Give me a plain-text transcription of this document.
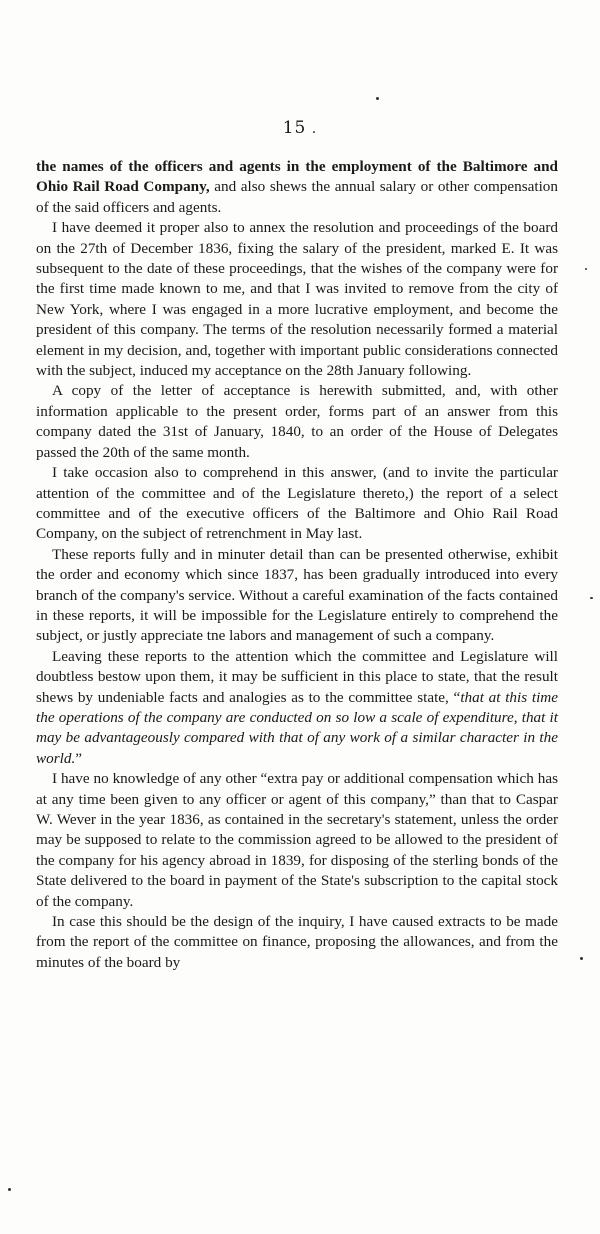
15 .

the names of the officers and agents in the employment of the Baltimore and Ohio Rail Road Company, and also shews the annual salary or other compensation of the said officers and agents.

I have deemed it proper also to annex the resolution and proceedings of the board on the 27th of December 1836, fixing the salary of the president, marked E. It was subsequent to the date of these proceedings, that the wishes of the company were for the first time made known to me, and that I was invited to remove from the city of New York, where I was engaged in a more lucrative employment, and become the president of this company. The terms of the resolution necessarily formed a material element in my decision, and, together with important public considerations connected with the subject, induced my acceptance on the 28th January following.

A copy of the letter of acceptance is herewith submitted, and, with other information applicable to the present order, forms part of an answer from this company dated the 31st of January, 1840, to an order of the House of Delegates passed the 20th of the same month.

I take occasion also to comprehend in this answer, (and to invite the particular attention of the committee and of the Legislature thereto,) the report of a select committee and of the executive officers of the Baltimore and Ohio Rail Road Company, on the subject of retrenchment in May last.

These reports fully and in minuter detail than can be presented otherwise, exhibit the order and economy which since 1837, has been gradually introduced into every branch of the company's service. Without a careful examination of the facts contained in these reports, it will be impossible for the Legislature entirely to comprehend the subject, or justly appreciate tne labors and management of such a company.

Leaving these reports to the attention which the committee and Legislature will doubtless bestow upon them, it may be sufficient in this place to state, that the result shews by undeniable facts and analogies as to the committee state, “that at this time the operations of the company are conducted on so low a scale of expenditure, that it may be advantageously compared with that of any work of a similar character in the world.”

I have no knowledge of any other “extra pay or additional compensation which has at any time been given to any officer or agent of this company,” than that to Caspar W. Wever in the year 1836, as contained in the secretary's statement, unless the order may be supposed to relate to the commission agreed to be allowed to the president of the company for his agency abroad in 1839, for disposing of the sterling bonds of the State delivered to the board in payment of the State's subscription to the capital stock of the company.

In case this should be the design of the inquiry, I have caused extracts to be made from the report of the committee on finance, proposing the allowances, and from the minutes of the board by
